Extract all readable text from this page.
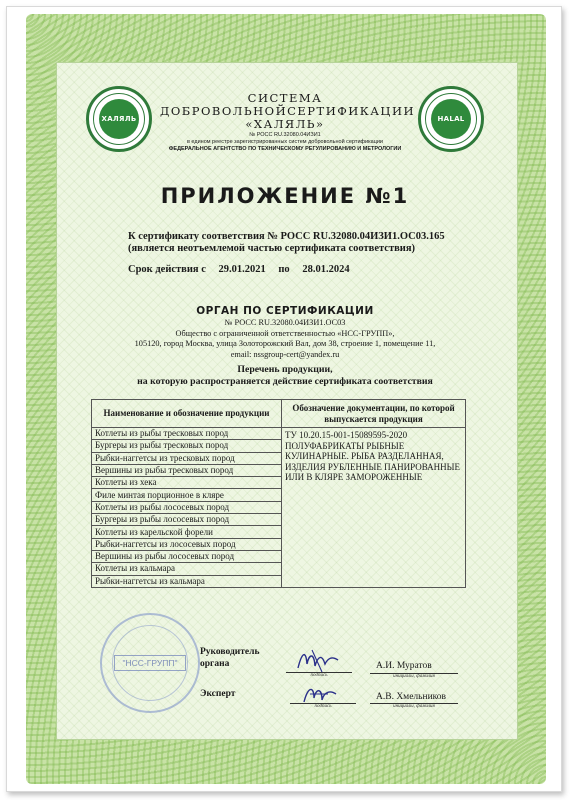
ХАЛЯЛЬ	HALAL
СИСТЕМА
ДОБРОВОЛЬНОЙСЕРТИФИКАЦИИ
«ХАЛЯЛЬ»
№ РОСС RU.32080.04ИЗИ1
в едином реестре зарегистрированных систем добровольной сертификации
ФЕДЕРАЛЬНОЕ АГЕНТСТВО ПО ТЕХНИЧЕСКОМУ РЕГУЛИРОВАНИЮ И МЕТРОЛОГИИ
ПРИЛОЖЕНИЕ №1
К сертификату соответствия № РОСС RU.32080.04ИЗИ1.ОС03.165
(является неотъемлемой частью сертификата соответствия)
Срок действия с 29.01.2021 по 28.01.2024
ОРГАН ПО СЕРТИФИКАЦИИ
№ РОСС RU.32080.04ИЗИ1.ОС03
Общество с ограниченной ответственностью «НСС-ГРУПП»,
105120, город Москва, улица Золоторожский Вал, дом 38, строение 1, помещение 11,
email: nssgroup-cert@yandex.ru
Перечень продукции,
на которую распространяется действие сертификата соответствия
Наименование и обозначение продукции	Обозначение документации, по которой выпускается продукция
Котлеты из рыбы тресковых пород	ТУ 10.20.15-001-15089595-2020 ПОЛУФАБРИКАТЫ РЫБНЫЕ КУЛИНАРНЫЕ. РЫБА РАЗДЕЛАННАЯ, ИЗДЕЛИЯ РУБЛЕННЫЕ ПАНИРОВАННЫЕ ИЛИ В КЛЯРЕ ЗАМОРОЖЕННЫЕ
Бургеры из рыбы тресковых пород	
Рыбки-наггетсы из тресковых пород	
Вершины из рыбы тресковых пород	
Котлеты из хека	
Филе минтая порционное в кляре	
Котлеты из рыбы лососевых пород	
Бургеры из рыбы лососевых пород	
Котлеты из карельской форели	
Рыбки-наггетсы из лососевых пород	
Вершины из рыбы лососевых пород	
Котлеты из кальмара	
Рыбки-наггетсы из кальмара	
"НСС-ГРУПП"
Руководитель
органа
подпись
А.И. Муратов
инициалы, фамилия
Эксперт
подпись
А.В. Хмельников
инициалы, фамилия
